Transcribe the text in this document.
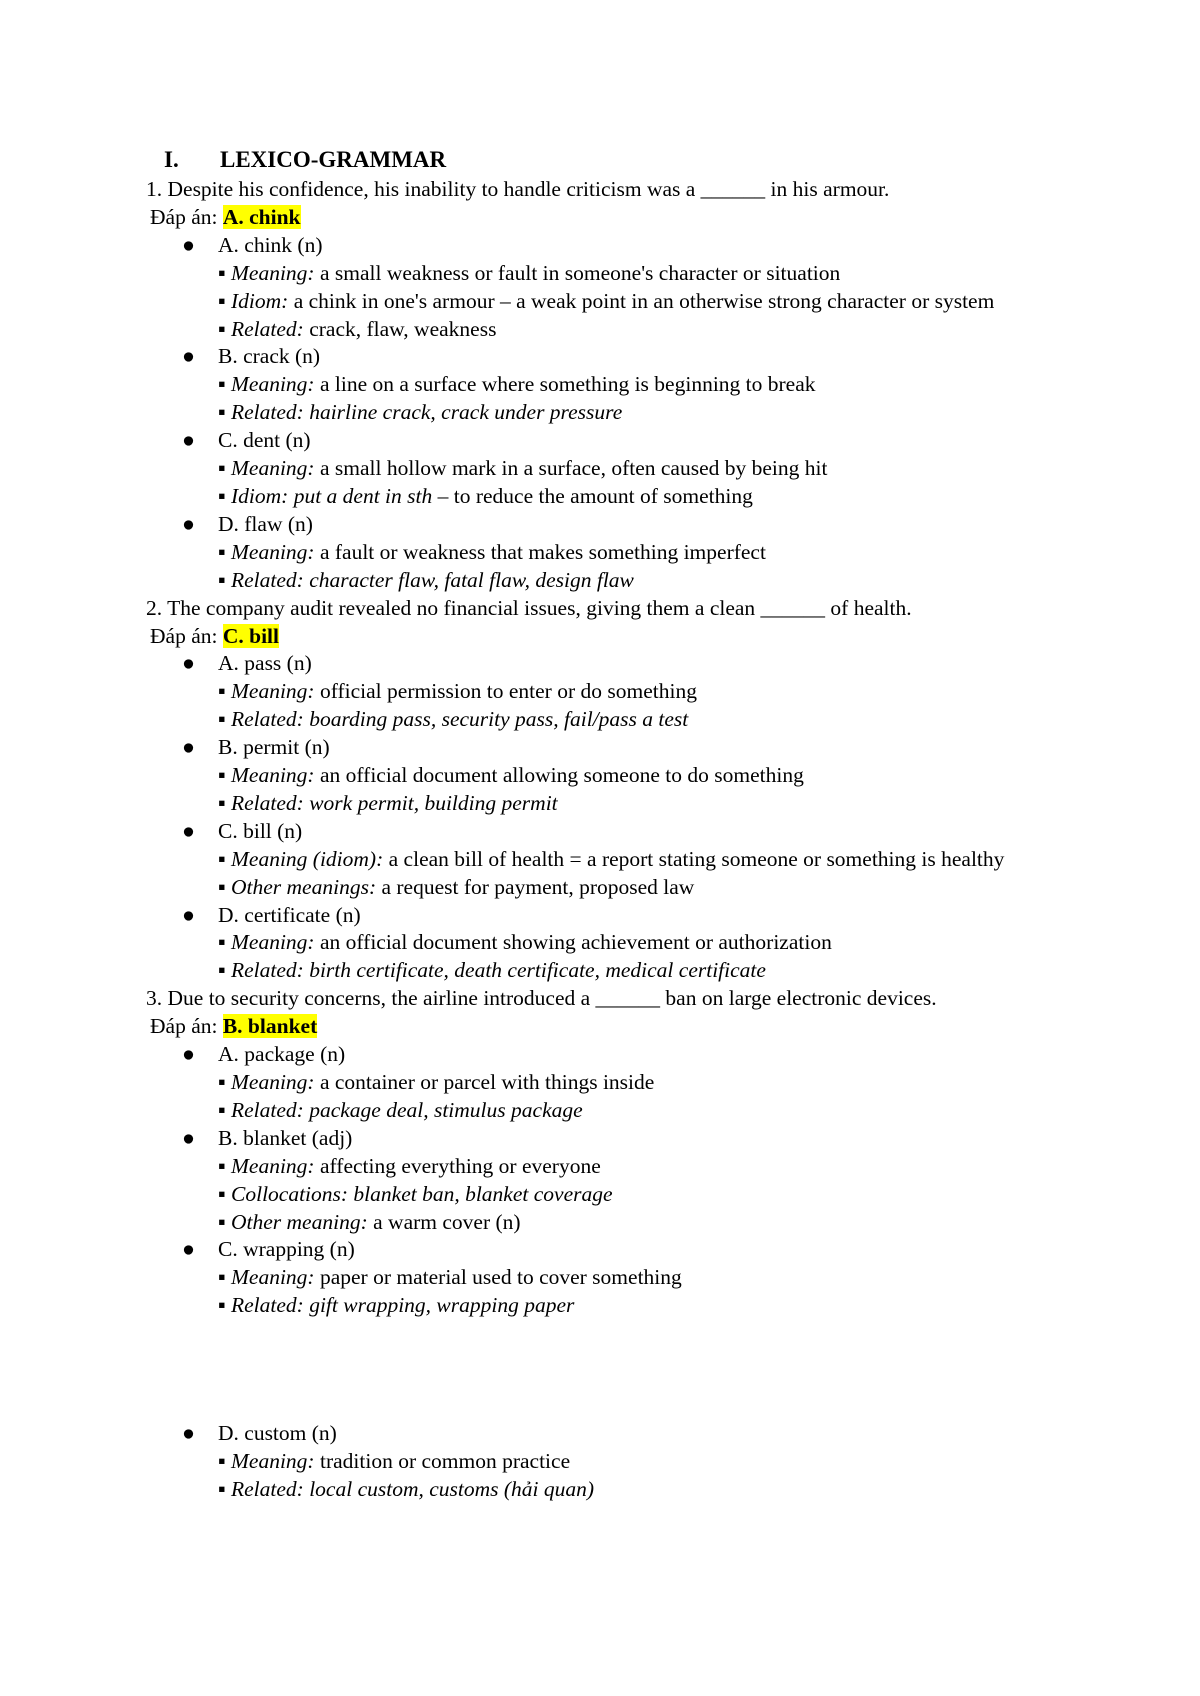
I. LEXICO-GRAMMAR
1. Despite his confidence, his inability to handle criticism was a ______ in his armour.
Đáp án: A. chink
● A. chink (n)
▪ Meaning: a small weakness or fault in someone's character or situation
▪ Idiom: a chink in one's armour – a weak point in an otherwise strong character or system
▪ Related: crack, flaw, weakness
● B. crack (n)
▪ Meaning: a line on a surface where something is beginning to break
▪ Related: hairline crack, crack under pressure
● C. dent (n)
▪ Meaning: a small hollow mark in a surface, often caused by being hit
▪ Idiom: put a dent in sth – to reduce the amount of something
● D. flaw (n)
▪ Meaning: a fault or weakness that makes something imperfect
▪ Related: character flaw, fatal flaw, design flaw
2. The company audit revealed no financial issues, giving them a clean ______ of health.
Đáp án: C. bill
● A. pass (n)
▪ Meaning: official permission to enter or do something
▪ Related: boarding pass, security pass, fail/pass a test
● B. permit (n)
▪ Meaning: an official document allowing someone to do something
▪ Related: work permit, building permit
● C. bill (n)
▪ Meaning (idiom): a clean bill of health = a report stating someone or something is healthy
▪ Other meanings: a request for payment, proposed law
● D. certificate (n)
▪ Meaning: an official document showing achievement or authorization
▪ Related: birth certificate, death certificate, medical certificate
3. Due to security concerns, the airline introduced a ______ ban on large electronic devices.
Đáp án: B. blanket
● A. package (n)
▪ Meaning: a container or parcel with things inside
▪ Related: package deal, stimulus package
● B. blanket (adj)
▪ Meaning: affecting everything or everyone
▪ Collocations: blanket ban, blanket coverage
▪ Other meaning: a warm cover (n)
● C. wrapping (n)
▪ Meaning: paper or material used to cover something
▪ Related: gift wrapping, wrapping paper
● D. custom (n)
▪ Meaning: tradition or common practice
▪ Related: local custom, customs (hải quan)
